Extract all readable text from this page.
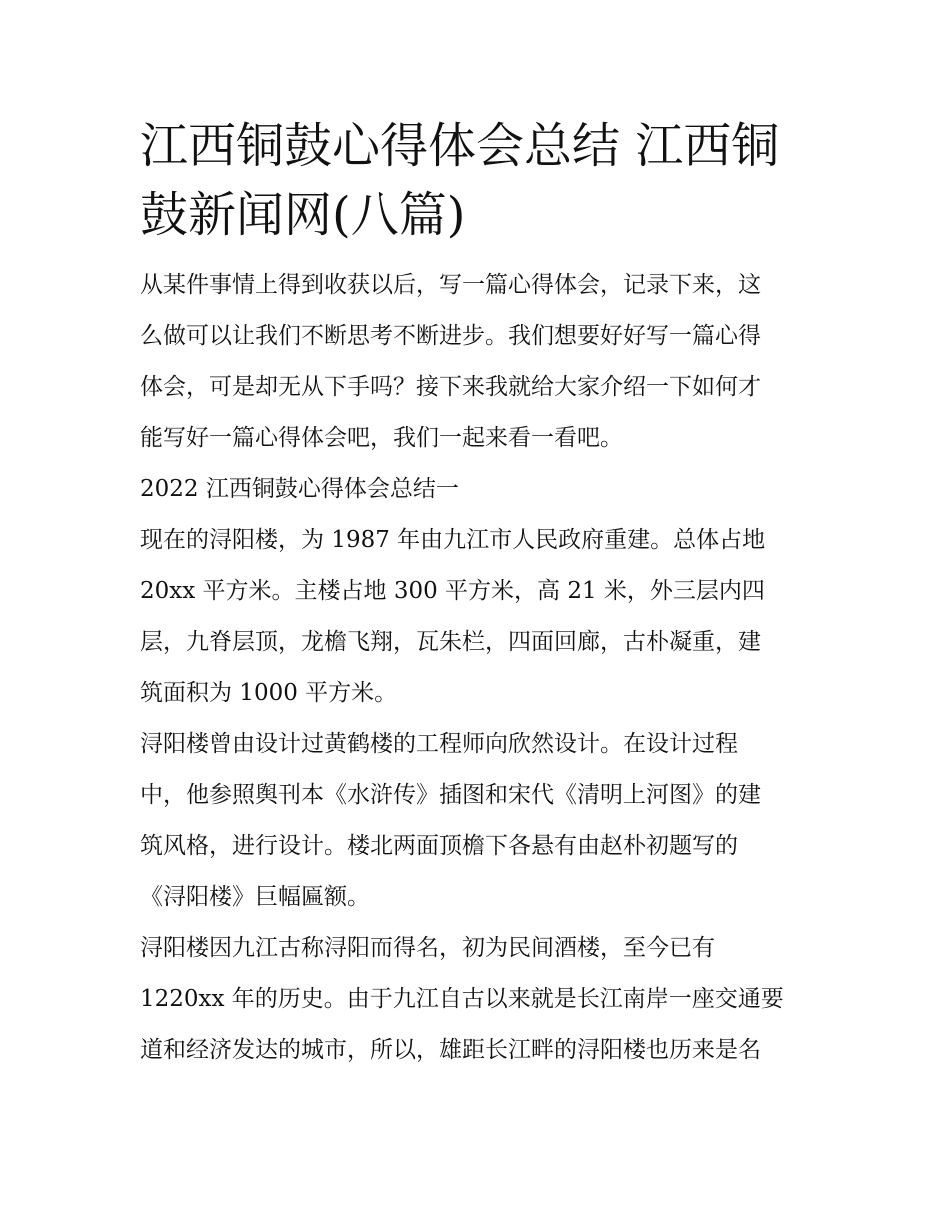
江西铜鼓心得体会总结 江西铜
鼓新闻网(八篇)
从某件事情上得到收获以后，写一篇心得体会，记录下来，这
么做可以让我们不断思考不断进步。我们想要好好写一篇心得
体会，可是却无从下手吗？接下来我就给大家介绍一下如何才
能写好一篇心得体会吧，我们一起来看一看吧。
2022 江西铜鼓心得体会总结一
现在的浔阳楼，为 1987 年由九江市人民政府重建。总体占地
20xx 平方米。主楼占地 300 平方米，高 21 米，外三层内四
层，九脊层顶，龙檐飞翔，瓦朱栏，四面回廊，古朴凝重，建
筑面积为 1000 平方米。
浔阳楼曾由设计过黄鹤楼的工程师向欣然设计。在设计过程
中，他参照舆刊本《水浒传》插图和宋代《清明上河图》的建
筑风格，进行设计。楼北两面顶檐下各悬有由赵朴初题写的
《浔阳楼》巨幅匾额。
浔阳楼因九江古称浔阳而得名，初为民间酒楼，至今已有
1220xx 年的历史。由于九江自古以来就是长江南岸一座交通要
道和经济发达的城市，所以，雄距长江畔的浔阳楼也历来是名
